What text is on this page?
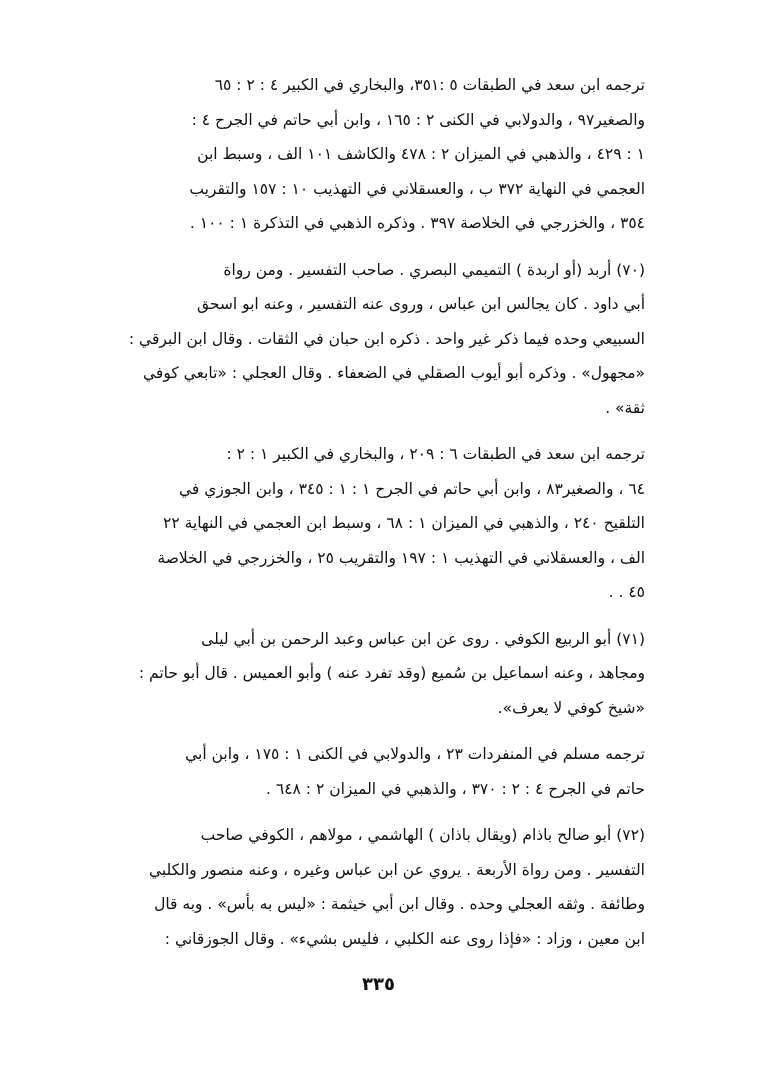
ترجمه ابن سعد في الطبقات ٥ :٣٥١، والبخاري في الكبير ٤ : ٢ : ٦٥
والصغير٩٧ ، والدولابي في الكنى ٢ : ١٦٥ ، وابن أبي حاتم في الجرح ٤ :
١ : ٤٢٩ ، والذهبي في الميزان ٢ : ٤٧٨ والكاشف ١٠١ الف ، وسبط ابن
العجمي في النهاية ٣٧٢ ب ، والعسقلاني في التهذيب ١٠ : ١٥٧ والتقريب
٣٥٤ ، والخزرجي في الخلاصة ٣٩٧ . وذكره الذهبي في التذكرة ١ : ١٠٠ .

(٧٠) أربد (أو اربدة ) التميمي البصري . صاحب التفسير . ومن رواة
أبي داود . كان يجالس ابن عباس ، وروى عنه التفسير ، وعنه ابو اسحق
السبيعي وحده فيما ذكر غير واحد . ذكره ابن حبان في الثقات . وقال ابن البرقي :
«مجهول» . وذكره أبو أيوب الصقلي في الضعفاء . وقال العجلي : «تابعي كوفي
ثقة» .

ترجمه ابن سعد في الطبقات ٦ : ٢٠٩ ، والبخاري في الكبير ١ : ٢ :
٦٤ ، والصغير٨٣ ، وابن أبي حاتم في الجرح ١ : ١ : ٣٤٥ ، وابن الجوزي في
التلقيح ٢٤٠ ، والذهبي في الميزان ١ : ٦٨ ، وسبط ابن العجمي في النهاية ٢٢
الف ، والعسقلاني في التهذيب ١ : ١٩٧ والتقريب ٢٥ ، والخزرجي في الخلاصة
٤٥ . .

(٧١) أبو الربيع الكوفي . روى عن ابن عباس وعبد الرحمن بن أبي ليلى
ومجاهد ، وعنه اسماعيل بن سُميع (وقد تفرد عنه ) وأبو العميس . قال أبو حاتم :
«شيخ كوفي لا يعرف».

ترجمه مسلم في المنفردات ٢٣ ، والدولابي في الكنى ١ : ١٧٥ ، وابن أبي
حاتم في الجرح ٤ : ٢ : ٣٧٠ ، والذهبي في الميزان ٢ : ٦٤٨ .

(٧٢) أبو صالح باذام (ويقال باذان ) الهاشمي ، مولاهم ، الكوفي صاحب
التفسير . ومن رواة الأربعة . يروي عن ابن عباس وغيره ، وعنه منصور والكلبي
وطائفة . وثقه العجلي وحده . وقال ابن أبي خيثمة : «ليس به بأس» . وبه قال
ابن معين ، وزاد : «فإذا روى عنه الكلبي ، فليس بشيء» . وقال الجوزقاني :

٣٣٥
